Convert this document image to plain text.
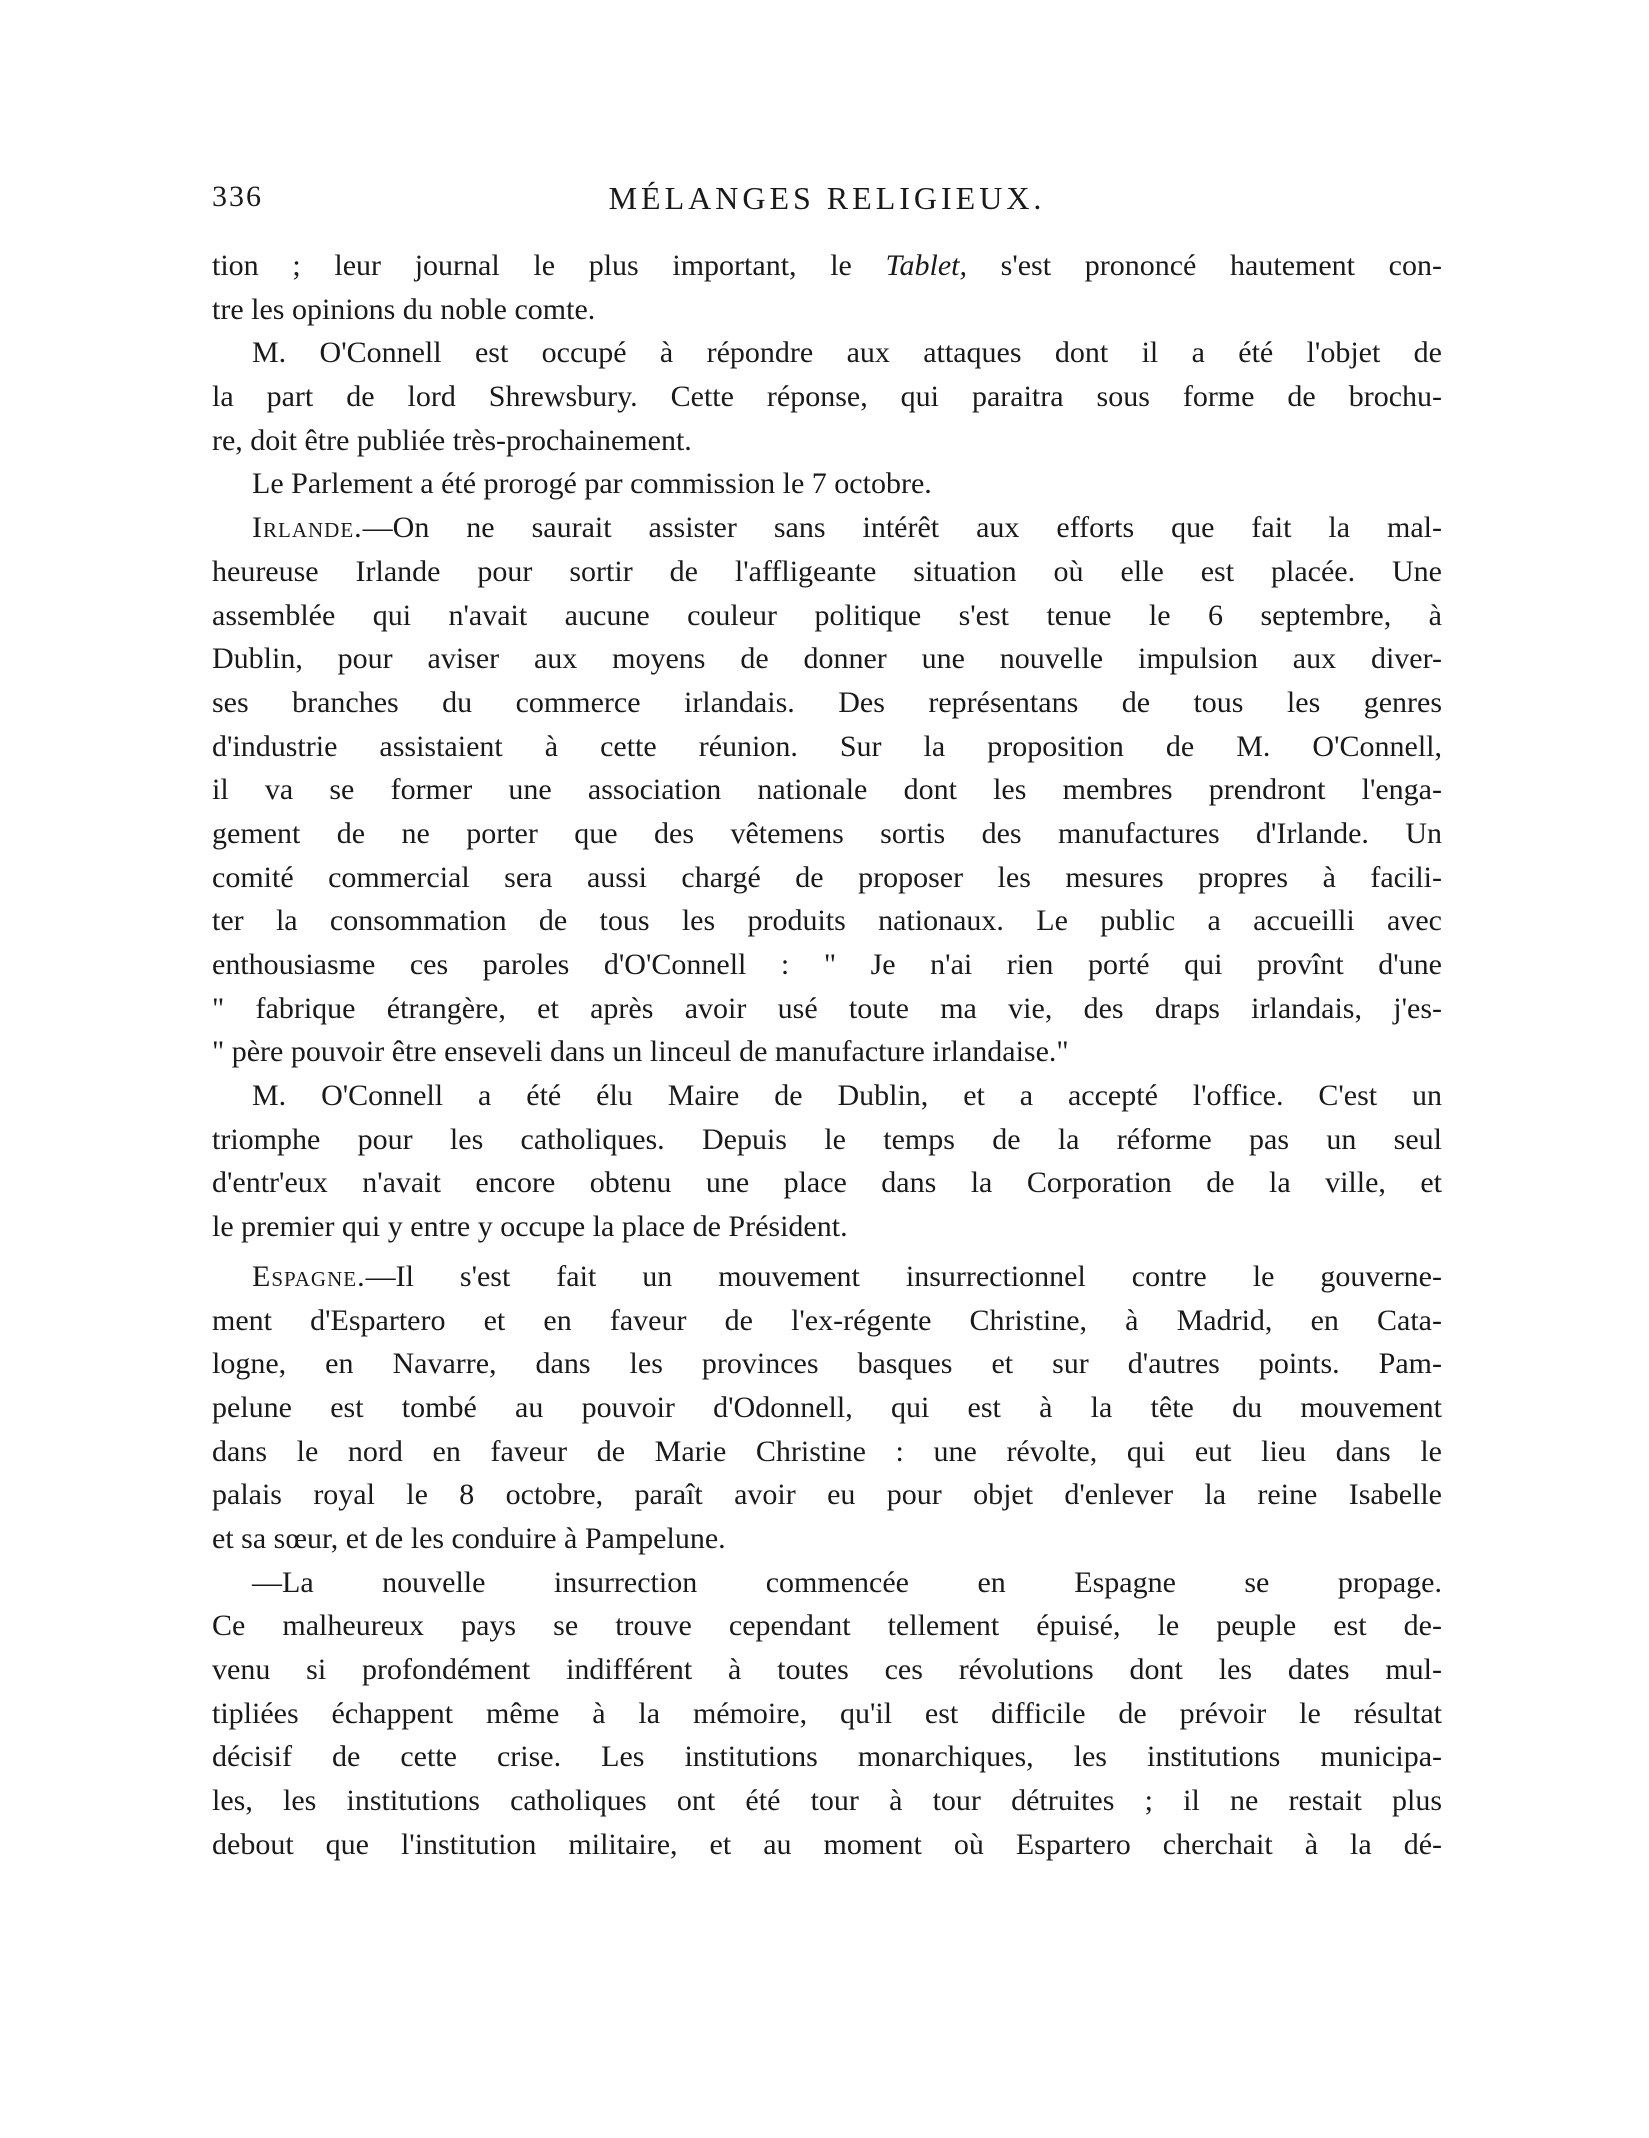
336	MÉLANGES RELIGIEUX.
tion ; leur journal le plus important, le Tablet, s'est prononcé hautement con-
tre les opinions du noble comte.
M. O'Connell est occupé à répondre aux attaques dont il a été l'objet de
la part de lord Shrewsbury. Cette réponse, qui paraitra sous forme de brochu-
re, doit être publiée très-prochainement.
Le Parlement a été prorogé par commission le 7 octobre.
Irlande.—On ne saurait assister sans intérêt aux efforts que fait la mal-
heureuse Irlande pour sortir de l'affligeante situation où elle est placée. Une
assemblée qui n'avait aucune couleur politique s'est tenue le 6 septembre, à
Dublin, pour aviser aux moyens de donner une nouvelle impulsion aux diver-
ses branches du commerce irlandais. Des représentans de tous les genres
d'industrie assistaient à cette réunion. Sur la proposition de M. O'Connell,
il va se former une association nationale dont les membres prendront l'enga-
gement de ne porter que des vêtemens sortis des manufactures d'Irlande. Un
comité commercial sera aussi chargé de proposer les mesures propres à facili-
ter la consommation de tous les produits nationaux. Le public a accueilli avec
enthousiasme ces paroles d'O'Connell : " Je n'ai rien porté qui provînt d'une
" fabrique étrangère, et après avoir usé toute ma vie, des draps irlandais, j'es-
" père pouvoir être enseveli dans un linceul de manufacture irlandaise."
M. O'Connell a été élu Maire de Dublin, et a accepté l'office. C'est un
triomphe pour les catholiques. Depuis le temps de la réforme pas un seul
d'entr'eux n'avait encore obtenu une place dans la Corporation de la ville, et
le premier qui y entre y occupe la place de Président.
Espagne.—Il s'est fait un mouvement insurrectionnel contre le gouverne-
ment d'Espartero et en faveur de l'ex-régente Christine, à Madrid, en Cata-
logne, en Navarre, dans les provinces basques et sur d'autres points. Pam-
pelune est tombé au pouvoir d'Odonnell, qui est à la tête du mouvement
dans le nord en faveur de Marie Christine : une révolte, qui eut lieu dans le
palais royal le 8 octobre, paraît avoir eu pour objet d'enlever la reine Isabelle
et sa sœur, et de les conduire à Pampelune.
—La nouvelle insurrection commencée en Espagne se propage.
Ce malheureux pays se trouve cependant tellement épuisé, le peuple est de-
venu si profondément indifférent à toutes ces révolutions dont les dates mul-
tipliées échappent même à la mémoire, qu'il est difficile de prévoir le résultat
décisif de cette crise. Les institutions monarchiques, les institutions municipa-
les, les institutions catholiques ont été tour à tour détruites ; il ne restait plus
debout que l'institution militaire, et au moment où Espartero cherchait à la dé-
